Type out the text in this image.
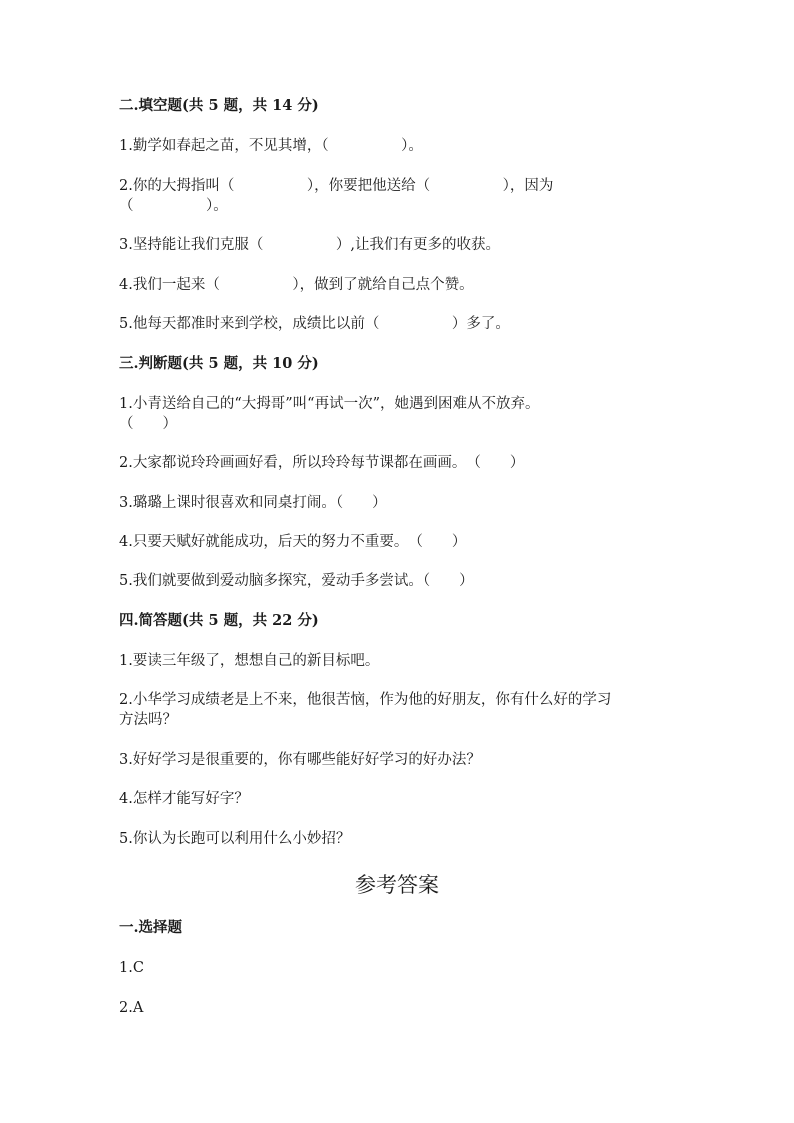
二.填空题(共 5 题，共 14 分)
1.勤学如春起之苗，不见其增，（　　　　　）。
2.你的大拇指叫（　　　　　），你要把他送给（　　　　　），因为
（　　　　　）。
3.坚持能让我们克服（　　　　　）,让我们有更多的收获。
4.我们一起来（　　　　　），做到了就给自己点个赞。
5.他每天都准时来到学校，成绩比以前（　　　　　）多了。
三.判断题(共 5 题，共 10 分)
1.小青送给自己的“大拇哥”叫“再试一次”，她遇到困难从不放弃。
（　　）
2.大家都说玲玲画画好看，所以玲玲每节课都在画画。　（　　）
3.璐璐上课时很喜欢和同桌打闹。（　　）
4.只要天赋好就能成功，后天的努力不重要。　（　　）
5.我们就要做到爱动脑多探究，爱动手多尝试。（　　）
四.简答题(共 5 题，共 22 分)
1.要读三年级了，想想自己的新目标吧。
2.小华学习成绩老是上不来，他很苦恼，作为他的好朋友，你有什么好的学习
方法吗？
3.好好学习是很重要的，你有哪些能好好学习的好办法？
4.怎样才能写好字？
5.你认为长跑可以利用什么小妙招？
参考答案
一.选择题
1.C
2.A
